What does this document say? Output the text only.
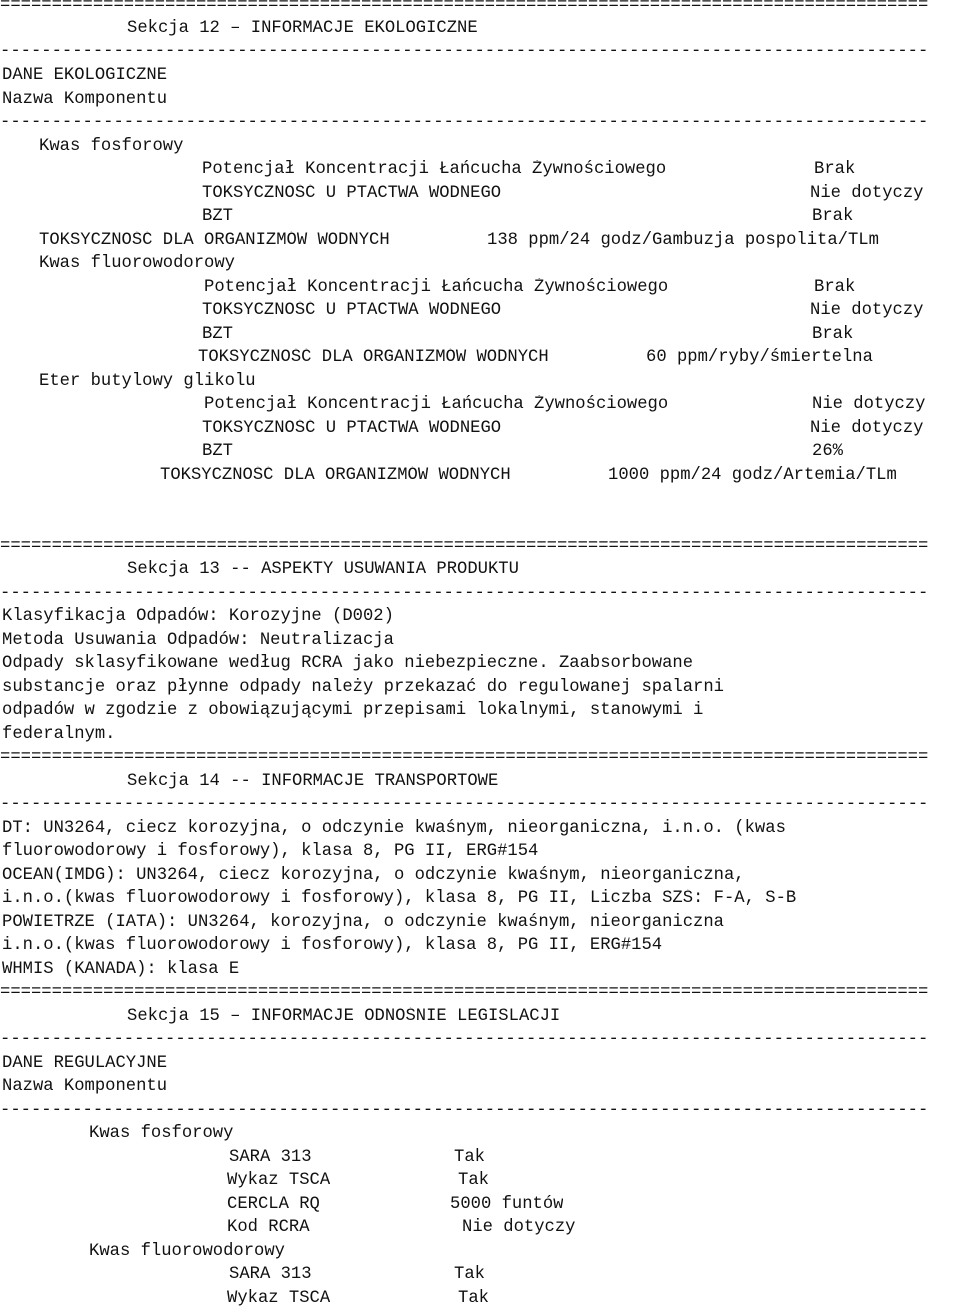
==========================================================================================
Sekcja 12 – INFORMACJE EKOLOGICZNE
------------------------------------------------------------------------------------------
DANE EKOLOGICZNE
Nazwa Komponentu
------------------------------------------------------------------------------------------
Kwas fosforowy
Potencjał Koncentracji Łańcucha Żywnościowego	Brak
TOKSYCZNOŚĆ U PTACTWA WODNEGO	Nie dotyczy
BZT	Brak
TOKSYCZNOŚĆ DLA ORGANIZMÓW WODNYCH	138 ppm/24 godz/Gambuzja pospolita/TLm
Kwas fluorowodorowy
Potencjał Koncentracji Łańcucha Żywnościowego	Brak
TOKSYCZNOŚĆ U PTACTWA WODNEGO	Nie dotyczy
BZT	Brak
TOKSYCZNOŚĆ DLA ORGANIZMÓW WODNYCH	60 ppm/ryby/śmiertelna
Eter butylowy glikolu
Potencjał Koncentracji Łańcucha Żywnościowego	Nie dotyczy
TOKSYCZNOŚĆ U PTACTWA WODNEGO	Nie dotyczy
BZT	26%
TOKSYCZNOŚĆ DLA ORGANIZMÓW WODNYCH	1000 ppm/24 godz/Artemia/TLm
==========================================================================================
Sekcja 13 -- ASPEKTY USUWANIA PRODUKTU
------------------------------------------------------------------------------------------
Klasyfikacja Odpadów: Korozyjne (D002)
Metoda Usuwania Odpadów: Neutralizacja
Odpady sklasyfikowane według RCRA jako niebezpieczne. Zaabsorbowane
substancje oraz płynne odpady należy przekazać do regulowanej spalarni
odpadów w zgodzie z obowiązującymi przepisami lokalnymi, stanowymi i
federalnym.
==========================================================================================
Sekcja 14 -- INFORMACJE TRANSPORTOWE
------------------------------------------------------------------------------------------
DT: UN3264, ciecz korozyjna, o odczynie kwaśnym, nieorganiczna, i.n.o. (kwas
fluorowodorowy i fosforowy), klasa 8, PG II, ERG#154
OCEAN(IMDG): UN3264, ciecz korozyjna, o odczynie kwaśnym, nieorganiczna,
i.n.o.(kwas fluorowodorowy i fosforowy), klasa 8, PG II, Liczba SZŚ: F-A, S-B
POWIETRZE (IATA): UN3264, korozyjna, o odczynie kwaśnym, nieorganiczna
i.n.o.(kwas fluorowodorowy i fosforowy), klasa 8, PG II, ERG#154
WHMIS (KANADA): klasa E
==========================================================================================
Sekcja 15 – INFORMACJE ODNOŚNIE LEGISLACJI
------------------------------------------------------------------------------------------
DANE REGULACYJNE
Nazwa Komponentu
------------------------------------------------------------------------------------------
Kwas fosforowy
SARA 313	Tak
Wykaz TSCA	Tak
CERCLA RQ	5000 funtów
Kod RCRA	Nie dotyczy
Kwas fluorowodorowy
SARA 313	Tak
Wykaz TSCA	Tak
